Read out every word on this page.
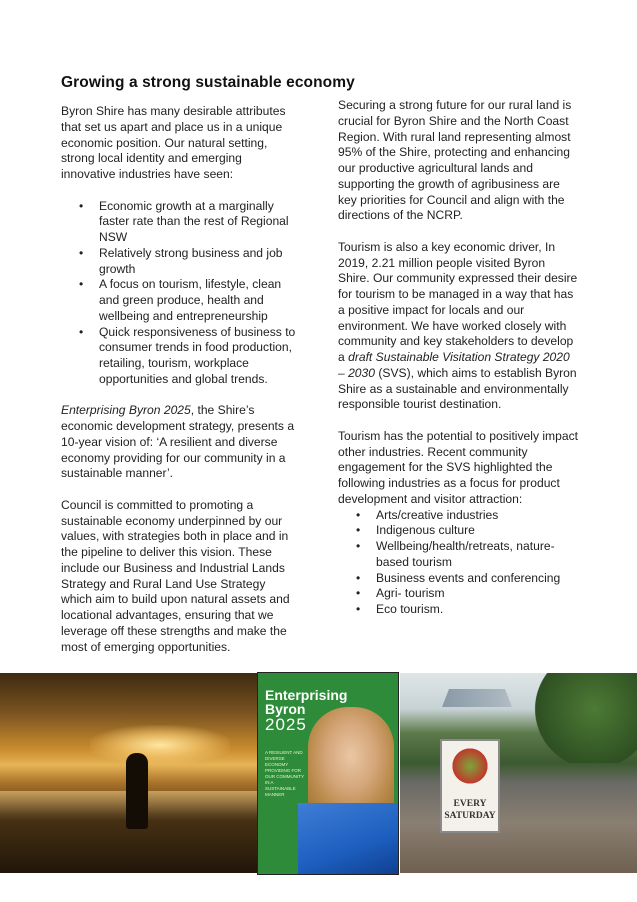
Growing a strong sustainable economy

Byron Shire has many desirable attributes that set us apart and place us in a unique economic position. Our natural setting, strong local identity and emerging innovative industries have seen:

• Economic growth at a marginally faster rate than the rest of Regional NSW
• Relatively strong business and job growth
• A focus on tourism, lifestyle, clean and green produce, health and wellbeing and entrepreneurship
• Quick responsiveness of business to consumer trends in food production, retailing, tourism, workplace opportunities and global trends.

Enterprising Byron 2025, the Shire’s economic development strategy, presents a 10-year vision of: ‘A resilient and diverse economy providing for our community in a sustainable manner’.

Council is committed to promoting a sustainable economy underpinned by our values, with strategies both in place and in the pipeline to deliver this vision. These include our Business and Industrial Lands Strategy and Rural Land Use Strategy which aim to build upon natural assets and locational advantages, ensuring that we leverage off these strengths and make the most of emerging opportunities.

Securing a strong future for our rural land is crucial for Byron Shire and the North Coast Region. With rural land representing almost 95% of the Shire, protecting and enhancing our productive agricultural lands and supporting the growth of agribusiness are key priorities for Council and align with the directions of the NCRP.

Tourism is also a key economic driver, In 2019, 2.21 million people visited Byron Shire. Our community expressed their desire for tourism to be managed in a way that has a positive impact for locals and our environment. We have worked closely with community and key stakeholders to develop a draft Sustainable Visitation Strategy 2020 – 2030 (SVS), which aims to establish Byron Shire as a sustainable and environmentally responsible tourist destination.

Tourism has the potential to positively impact other industries. Recent community engagement for the SVS highlighted the following industries as a focus for product development and visitor attraction:

• Arts/creative industries
• Indigenous culture
• Wellbeing/health/retreats, nature-based tourism
• Business events and conferencing
• Agri- tourism
• Eco tourism.
Enterprising
Byron
2025
A RESILIENT AND DIVERSE ECONOMY PROVIDING FOR OUR COMMUNITY IN A SUSTAINABLE MANNER
EVERY
SATURDAY
